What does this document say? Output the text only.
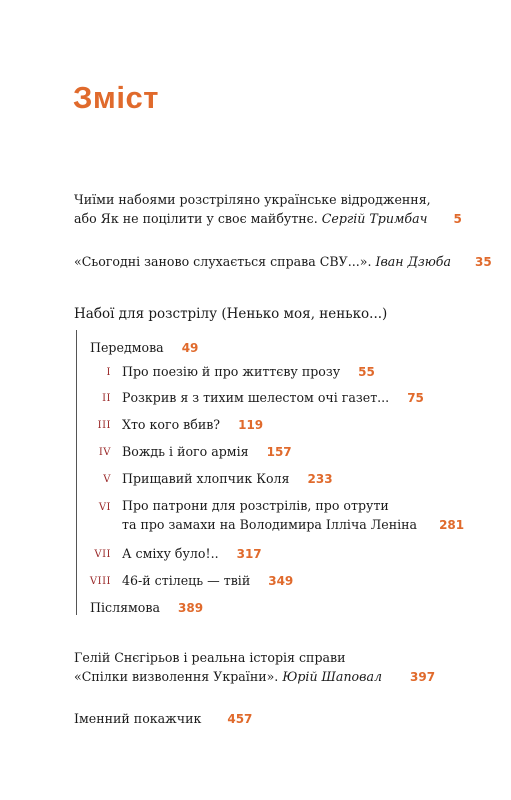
Зміст
Чиїми набоями розстріляно українське відродження,
або Як не поцілити у своє майбутнє. Сергій Тримбач 5
«Сьогодні заново слухається справа СВУ...». Іван Дзюба 35
Набої для розстрілу (Ненько моя, ненько...)
Передмова 49
I Про поезію й про життєву прозу 55
II Розкрив я з тихим шелестом очі газет... 75
III Хто кого вбив? 119
IV Вождь і його армія 157
V Прищавий хлопчик Коля 233
VI Про патрони для розстрілів, про отрути
та про замахи на Володимира Ілліча Леніна 281
VII А сміху було!.. 317
VIII 46-й стілець — твій 349
Післямова 389
Гелій Снєгірьов і реальна історія справи
«Спілки визволення України». Юрій Шаповал 397
Іменний покажчик 457
